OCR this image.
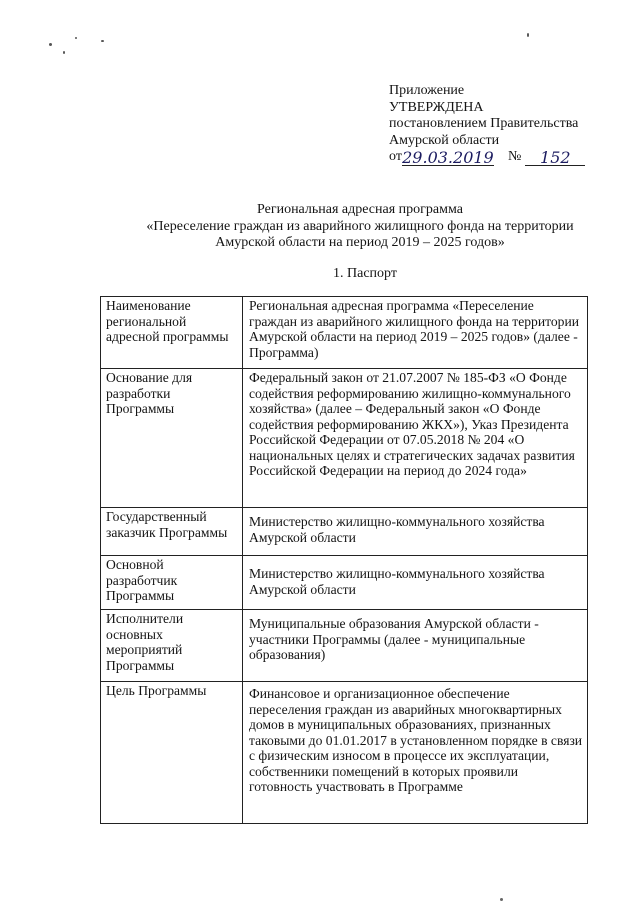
Приложение
УТВЕРЖДЕНА
постановлением Правительства
Амурской области
от 29.03.2019 №	152
Региональная адресная программа
«Переселение граждан из аварийного жилищного фонда на территории
Амурской области на период 2019 – 2025 годов»
1. Паспорт
Наименование региональной адресной программы	Региональная адресная программа «Переселение граждан из аварийного жилищного фонда на территории Амурской области на период 2019 – 2025 годов» (далее - Программа)
Основание для разработки Программы	Федеральный закон от 21.07.2007 № 185-ФЗ «О Фонде содействия реформированию жилищно-коммунального хозяйства» (далее – Федеральный закон «О Фонде содействия реформированию ЖКХ»), Указ Президента Российской Федерации от 07.05.2018 № 204 «О национальных целях и стратегических задачах развития Российской Федерации на период до 2024 года»
Государственный заказчик Программы	Министерство жилищно-коммунального хозяйства Амурской области
Основной разработчик Программы	Министерство жилищно-коммунального хозяйства Амурской области
Исполнители основных мероприятий Программы	Муниципальные образования Амурской области - участники Программы (далее - муниципальные образования)
Цель Программы	Финансовое и организационное обеспечение переселения граждан из аварийных многоквартирных домов в муниципальных образованиях, признанных таковыми до 01.01.2017 в установленном порядке в связи с физическим износом в процессе их эксплуатации, собственники помещений в которых проявили готовность участвовать в Программе
